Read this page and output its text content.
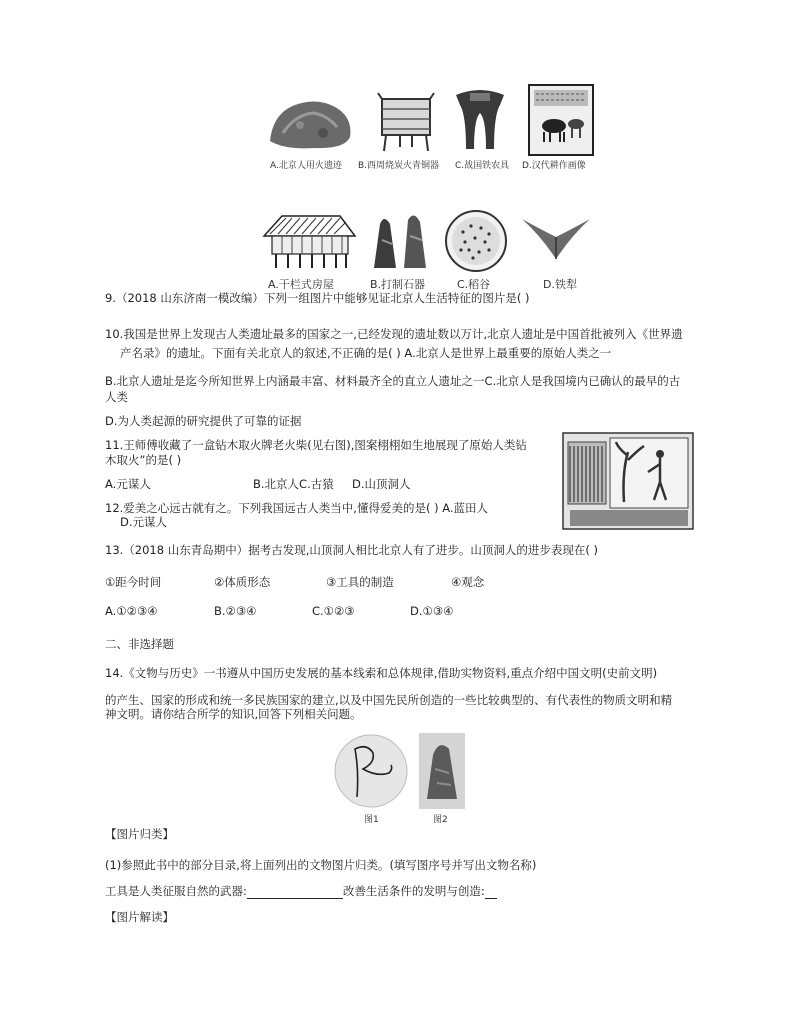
A.北京人用火遗迹 B.西周烧炭火青铜器 C.战国铁农具 D.汉代耕作画像
A.干栏式房屋	B.打制石器	C.稻谷	D.铁犁
9.（2018 山东济南一模改编）下列一组图片中能够见证北京人生活特征的图片是( )
10.我国是世界上发现古人类遗址最多的国家之一,已经发现的遗址数以万计,北京人遗址是中国首批被列入《世界遗
产名录》的遗址。下面有关北京人的叙述,不正确的是( ) A.北京人是世界上最重要的原始人类之一
B.北京人遗址是迄今所知世界上内涵最丰富、材料最齐全的直立人遗址之一C.北京人是我国境内已确认的最早的古
人类
D.为人类起源的研究提供了可靠的证据
11.王师傅收藏了一盒钻木取火牌老火柴(见右图),图案栩栩如生地展现了原始人类钻
木取火”的是( )
A.元谋人	B.北京人C.古猿 D.山顶洞人
12.爱美之心远古就有之。下列我国远古人类当中,懂得爱美的是( ) A.蓝田人
D.元谋人
13.（2018 山东青岛期中）据考古发现,山顶洞人相比北京人有了进步。山顶洞人的进步表现在( )
①距今时间	②体质形态	③工具的制造	④观念
A.①②③④	B.②③④	C.①②③	D.①③④
二、非选择题
14.《文物与历史》一书遵从中国历史发展的基本线索和总体规律,借助实物资料,重点介绍中国文明(史前文明)
的产生、国家的形成和统一多民族国家的建立,以及中国先民所创造的一些比较典型的、有代表性的物质文明和精
神文明。请你结合所学的知识,回答下列相关问题。
图1	图2
【图片归类】
(1)参照此书中的部分目录,将上面列出的文物图片归类。(填写图序号并写出文物名称)
工具是人类征服自然的武器:	改善生活条件的发明与创造:
【图片解读】
